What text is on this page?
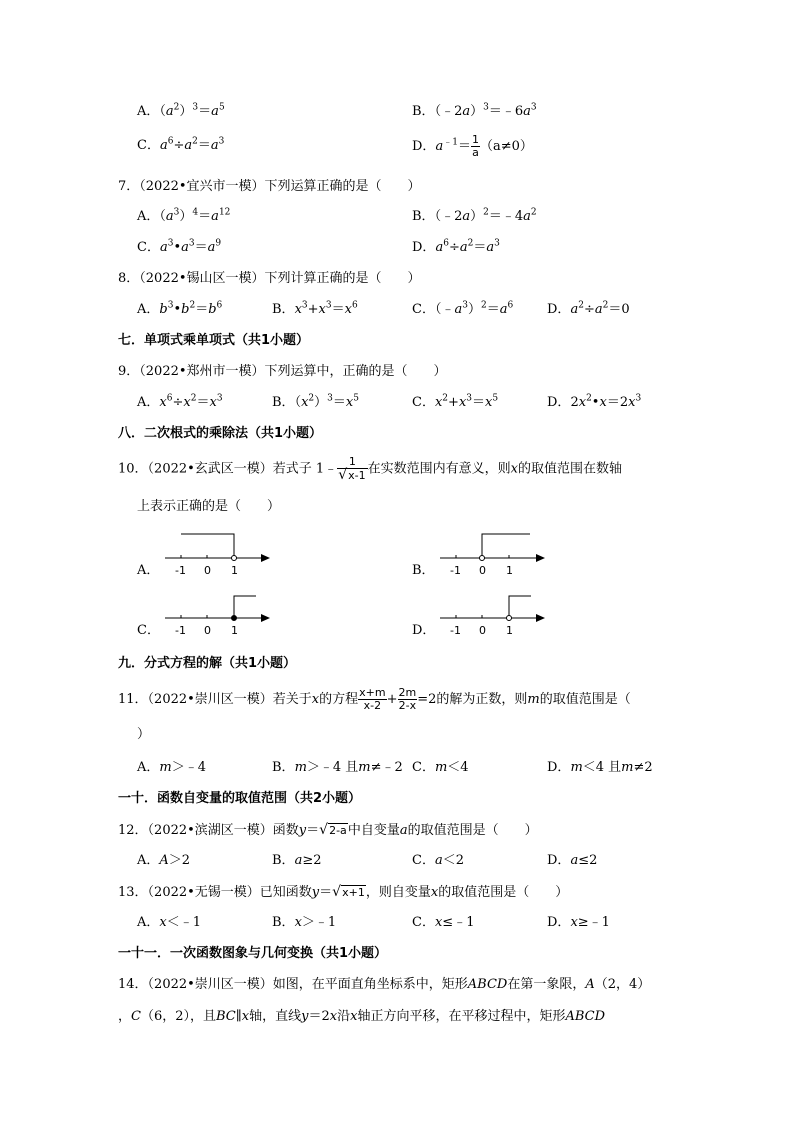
A．$(a^2)^3=a^5$	B．$(﹣2a)^3=﹣6a^3$
C．$a^6\div a^2=a^3$	D．$a^{﹣1}= \frac{1}{a} (a\ne 0)$
7．（2022•宜兴市一模）下列运算正确的是（　　）
A．$(a^3)^4=a^{12}$	B．$(﹣2a)^2=﹣4a^2$
C．$a^3•a^3=a^9$	D．$a^6\div a^2=a^3$
8．（2022•锡山区一模）下列计算正确的是（　　）
A．$b^3•b^2=b^6$	B．$x^3+x^3=x^6$	C．$(﹣a^3)^2=a^6$	D．$a^2\div a^2=0$
七．单项式乘单项式（共1小题）
9．（2022•郑州市一模）下列运算中，正确的是（　　）
A．$x^6\div x^2=x^3$	B．$(x^2)^3=x^5$	C．$x^2+x^3=x^5$	D．$2x^2•x=2x^3$
八．二次根式的乘除法（共1小题）
10．（2022•玄武区一模）若式子 1﹣ $\frac{1}{√x-1}$ 在实数范围内有意义，则x的取值范围在数轴
上表示正确的是（　　）
A． -1 0 1	B． -1 0 1
C． -1 0 1	D． -1 0 1
九．分式方程的解（共1小题）
11．（2022•崇川区一模）若关于x的方程 $\frac{x+m}{x-2} + \frac{2m}{2-x} =2$的解为正数，则m的取值范围是（
）
A．m＞﹣4	B．m＞﹣4 且m≠﹣2 C．m＜4	D．m＜4 且m≠2
一十．函数自变量的取值范围（共2小题）
12．（2022•滨湖区一模）函数y＝√2-a中自变量a的取值范围是（　　）
A．A＞2	B．a≥2	C．a＜2	D．a≤2
13．（2022•无锡一模）已知函数y＝√x+1，则自变量x的取值范围是（　　）
A．x＜﹣1	B．x＞﹣1	C．x≤﹣1	D．x≥﹣1
一十一．一次函数图象与几何变换（共1小题）
14．（2022•崇川区一模）如图，在平面直角坐标系中，矩形ABCD在第一象限，A（2，4）
，C（6，2），且BC∥x轴，直线y＝2x沿x轴正方向平移，在平移过程中，矩形ABCD
